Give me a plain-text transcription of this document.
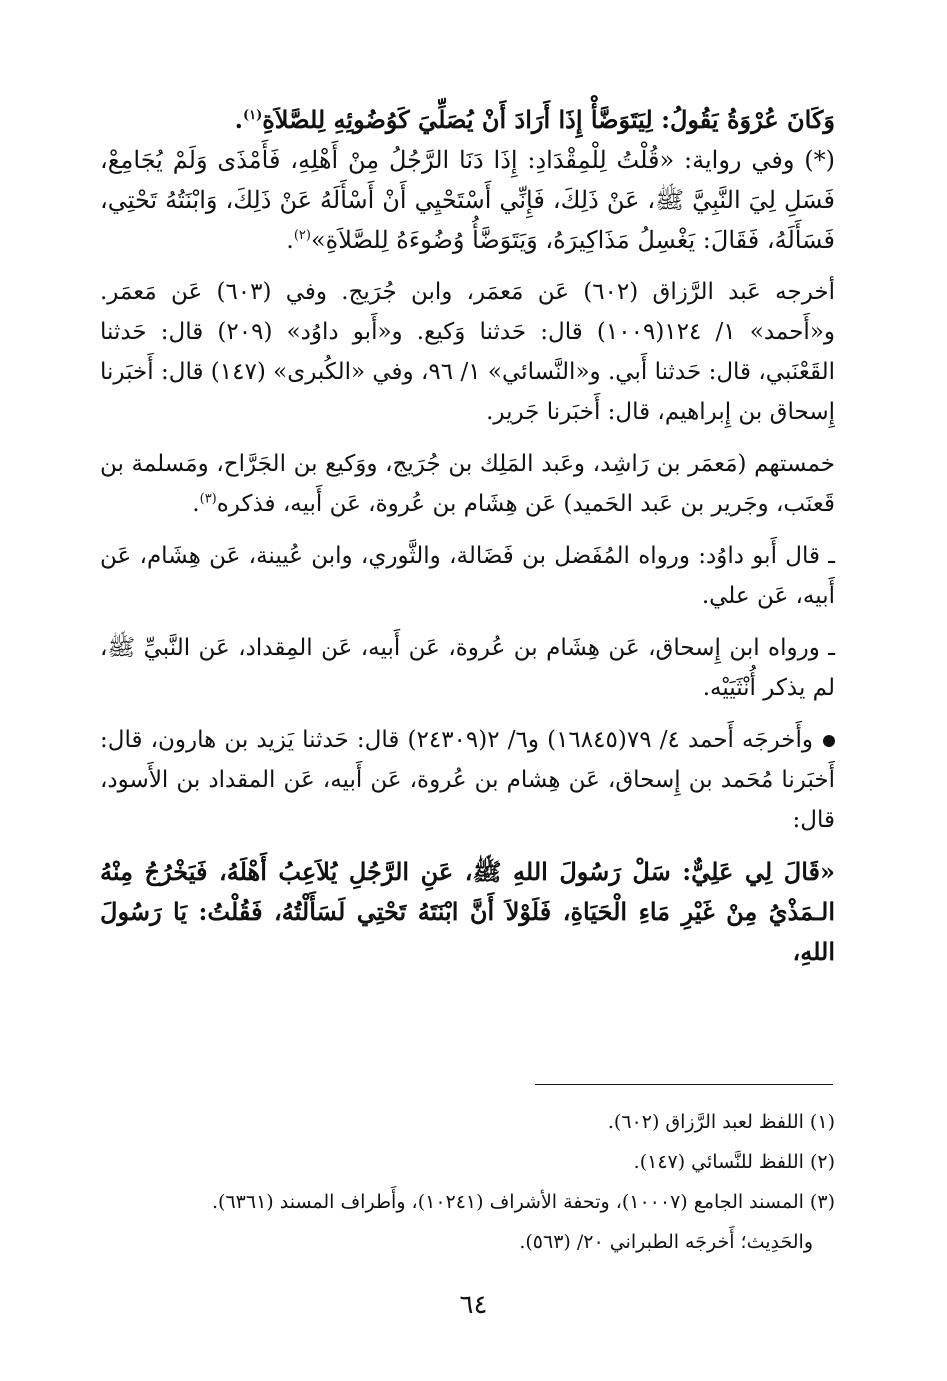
وَكَانَ عُرْوَةُ يَقُولُ: لِيَتَوَضَّأْ إِذَا أَرَادَ أَنْ يُصَلِّيَ كَوُضُوئِهِ لِلصَّلاَةِ$^{(١)}$.

(*) وفي رواية: «قُلْتُ لِلْمِقْدَادِ: إِذَا دَنَا الرَّجُلُ مِنْ أَهْلِهِ، فَأَمْذَى وَلَمْ يُجَامِعْ، فَسَلِ لِيَ النَّبِيَّ ﷺ، عَنْ ذَلِكَ، فَإِنِّي أَسْتَحْيِي أَنْ أَسْأَلَهُ عَنْ ذَلِكَ، وَابْنَتُهُ تَحْتِي، فَسَأَلَهُ، فَقَالَ: يَغْسِلُ مَذَاكِيرَهُ، وَيَتَوَضَّأُ وُضُوءَهُ لِلصَّلاَةِ»$^{(٢)}$.

أخرجه عَبد الرَّزاق (٦٠٢) عَن مَعمَر، وابن جُرَيج. وفي (٦٠٣) عَن مَعمَر. و«أَحمد» ١/ ١٢٤(١٠٠٩) قال: حَدثنا وَكيع. و«أَبو داوُد» (٢٠٩) قال: حَدثنا القَعْنَبي، قال: حَدثنا أَبي. و«النَّسائي» ١/ ٩٦، وفي «الكُبرى» (١٤٧) قال: أَخبَرنا إِسحاق بن إِبراهيم، قال: أَخبَرنا جَرير.

خمستهم (مَعمَر بن رَاشِد، وعَبد المَلِك بن جُرَيج، ووَكيع بن الجَرَّاح، ومَسلمة بن قَعنَب، وجَرير بن عَبد الحَميد) عَن هِشَام بن عُروة، عَن أَبيه، فذكره$^{(٣)}$.

ـ قال أَبو داوُد: ورواه المُفَضل بن فَضَالة، والثَّوري، وابن عُيينة، عَن هِشَام، عَن أَبيه، عَن علي.

ـ ورواه ابن إِسحاق، عَن هِشَام بن عُروة، عَن أَبيه، عَن المِقداد، عَن النَّبيِّ ﷺ، لم يذكر أُنْثَيَيْه.

وأَخرجَه أَحمد ٤/ ٧٩(١٦٨٤٥) و٦/ ٢(٢٤٣٠٩) قال: حَدثنا يَزيد بن هارون، قال: أَخبَرنا مُحَمد بن إِسحاق، عَن هِشام بن عُروة، عَن أَبيه، عَن المقداد بن الأَسود، قال:

«قَالَ لِي عَلِيٌّ: سَلْ رَسُولَ اللهِ ﷺ، عَنِ الرَّجُلِ يُلاَعِبُ أَهْلَهُ، فَيَخْرُجُ مِنْهُ الـمَذْيُ مِنْ غَيْرِ مَاءِ الْحَيَاةِ، فَلَوْلاَ أَنَّ ابْنَتَهُ تَحْتِي لَسَأَلْتُهُ، فَقُلْتُ: يَا رَسُولَ اللهِ،

(١) اللفظ لعبد الرَّزاق (٦٠٢).

(٢) اللفظ للنَّسائي (١٤٧).

(٣) المسند الجامع (١٠٠٠٧)، وتحفة الأشراف (١٠٢٤١)، وأَطراف المسند (٦٣٦١).

والحَدِيث؛ أَخرجَه الطبراني ٢٠/ (٥٦٣).

٦٤
